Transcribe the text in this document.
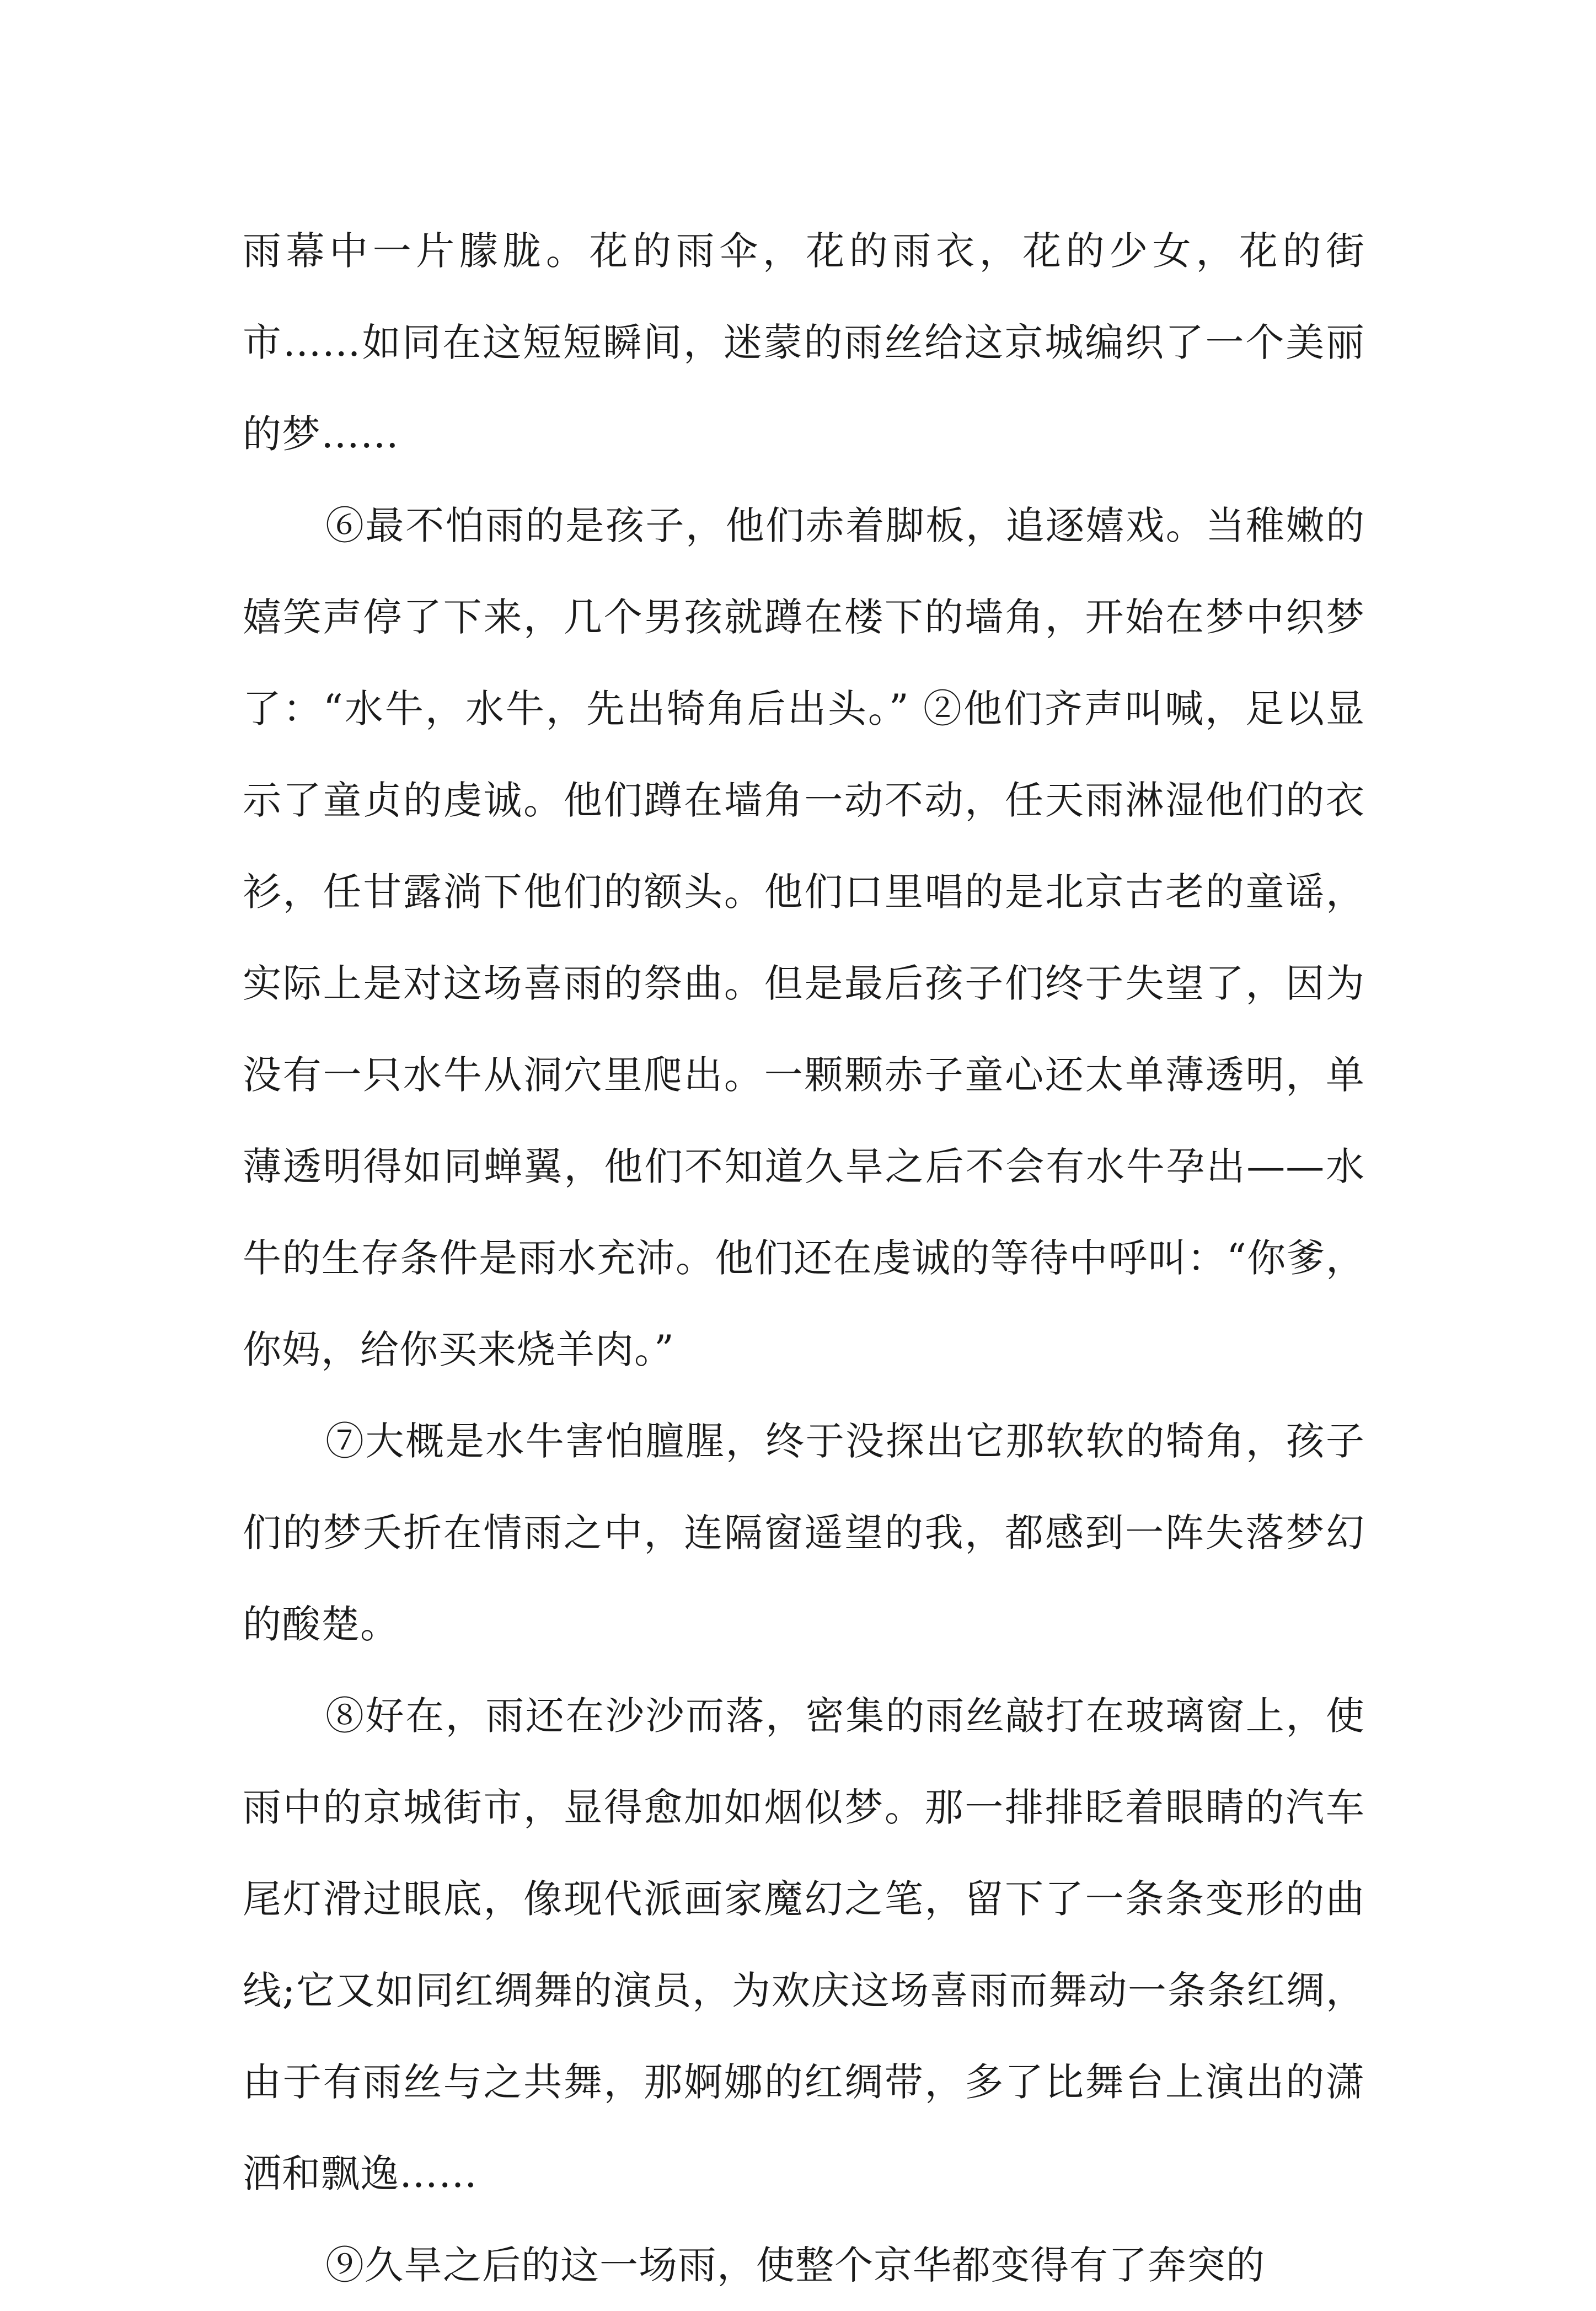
雨幕中一片朦胧。花的雨伞，花的雨衣，花的少女，花的街市……如同在这短短瞬间，迷蒙的雨丝给这京城编织了一个美丽的梦……

⑥最不怕雨的是孩子，他们赤着脚板，追逐嬉戏。当稚嫩的嬉笑声停了下来，几个男孩就蹲在楼下的墙角，开始在梦中织梦了：“水牛，水牛，先出犄角后出头。” ②他们齐声叫喊，足以显示了童贞的虔诚。他们蹲在墙角一动不动，任天雨淋湿他们的衣衫，任甘露淌下他们的额头。他们口里唱的是北京古老的童谣，实际上是对这场喜雨的祭曲。但是最后孩子们终于失望了，因为没有一只水牛从洞穴里爬出。一颗颗赤子童心还太单薄透明，单薄透明得如同蝉翼，他们不知道久旱之后不会有水牛孕出——水牛的生存条件是雨水充沛。他们还在虔诚的等待中呼叫：“你爹，你妈，给你买来烧羊肉。”

⑦大概是水牛害怕膻腥，终于没探出它那软软的犄角，孩子们的梦夭折在情雨之中，连隔窗遥望的我，都感到一阵失落梦幻的酸楚。

⑧好在，雨还在沙沙而落，密集的雨丝敲打在玻璃窗上，使雨中的京城街市，显得愈加如烟似梦。那一排排眨着眼睛的汽车尾灯滑过眼底，像现代派画家魔幻之笔，留下了一条条变形的曲线;它又如同红绸舞的演员，为欢庆这场喜雨而舞动一条条红绸，由于有雨丝与之共舞，那婀娜的红绸带，多了比舞台上演出的潇洒和飘逸……

⑨久旱之后的这一场雨，使整个京华都变得有了奔突的
